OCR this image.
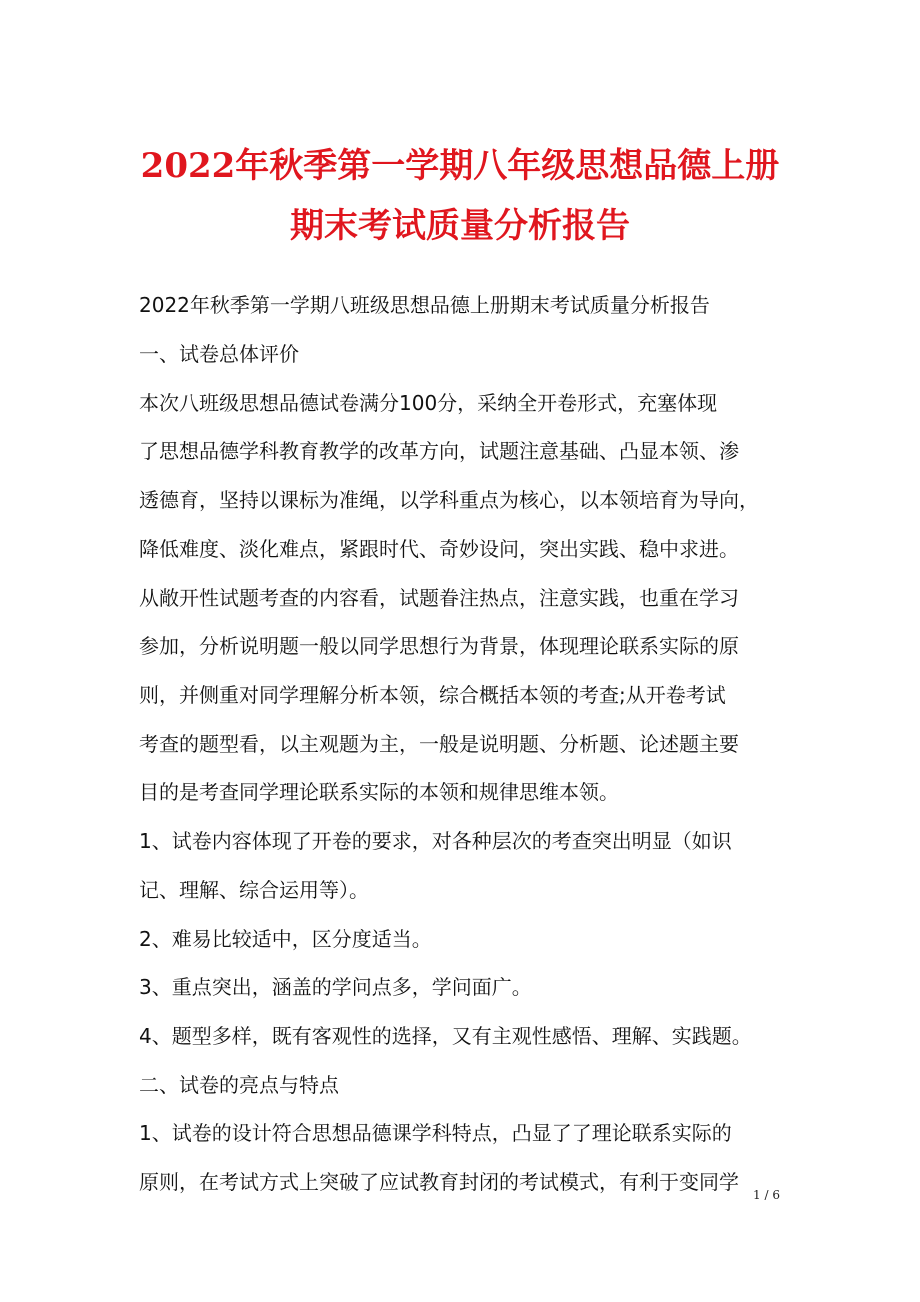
2022年秋季第一学期八年级思想品德上册
期末考试质量分析报告
2022年秋季第一学期八班级思想品德上册期末考试质量分析报告
一、试卷总体评价
本次八班级思想品德试卷满分100分，采纳全开卷形式，充塞体现
了思想品德学科教育教学的改革方向，试题注意基础、凸显本领、渗
透德育，坚持以课标为准绳，以学科重点为核心，以本领培育为导向，
降低难度、淡化难点，紧跟时代、奇妙设问，突出实践、稳中求进。
从敞开性试题考查的内容看，试题眷注热点，注意实践，也重在学习
参加，分析说明题一般以同学思想行为背景，体现理论联系实际的原
则，并侧重对同学理解分析本领，综合概括本领的考查;从开卷考试
考查的题型看，以主观题为主，一般是说明题、分析题、论述题主要
目的是考查同学理论联系实际的本领和规律思维本领。
1、试卷内容体现了开卷的要求，对各种层次的考查突出明显（如识
记、理解、综合运用等）。
2、难易比较适中，区分度适当。
3、重点突出，涵盖的学问点多，学问面广。
4、题型多样，既有客观性的选择，又有主观性感悟、理解、实践题。
二、试卷的亮点与特点
1、试卷的设计符合思想品德课学科特点，凸显了了理论联系实际的
原则，在考试方式上突破了应试教育封闭的考试模式，有利于变同学
1 / 6
